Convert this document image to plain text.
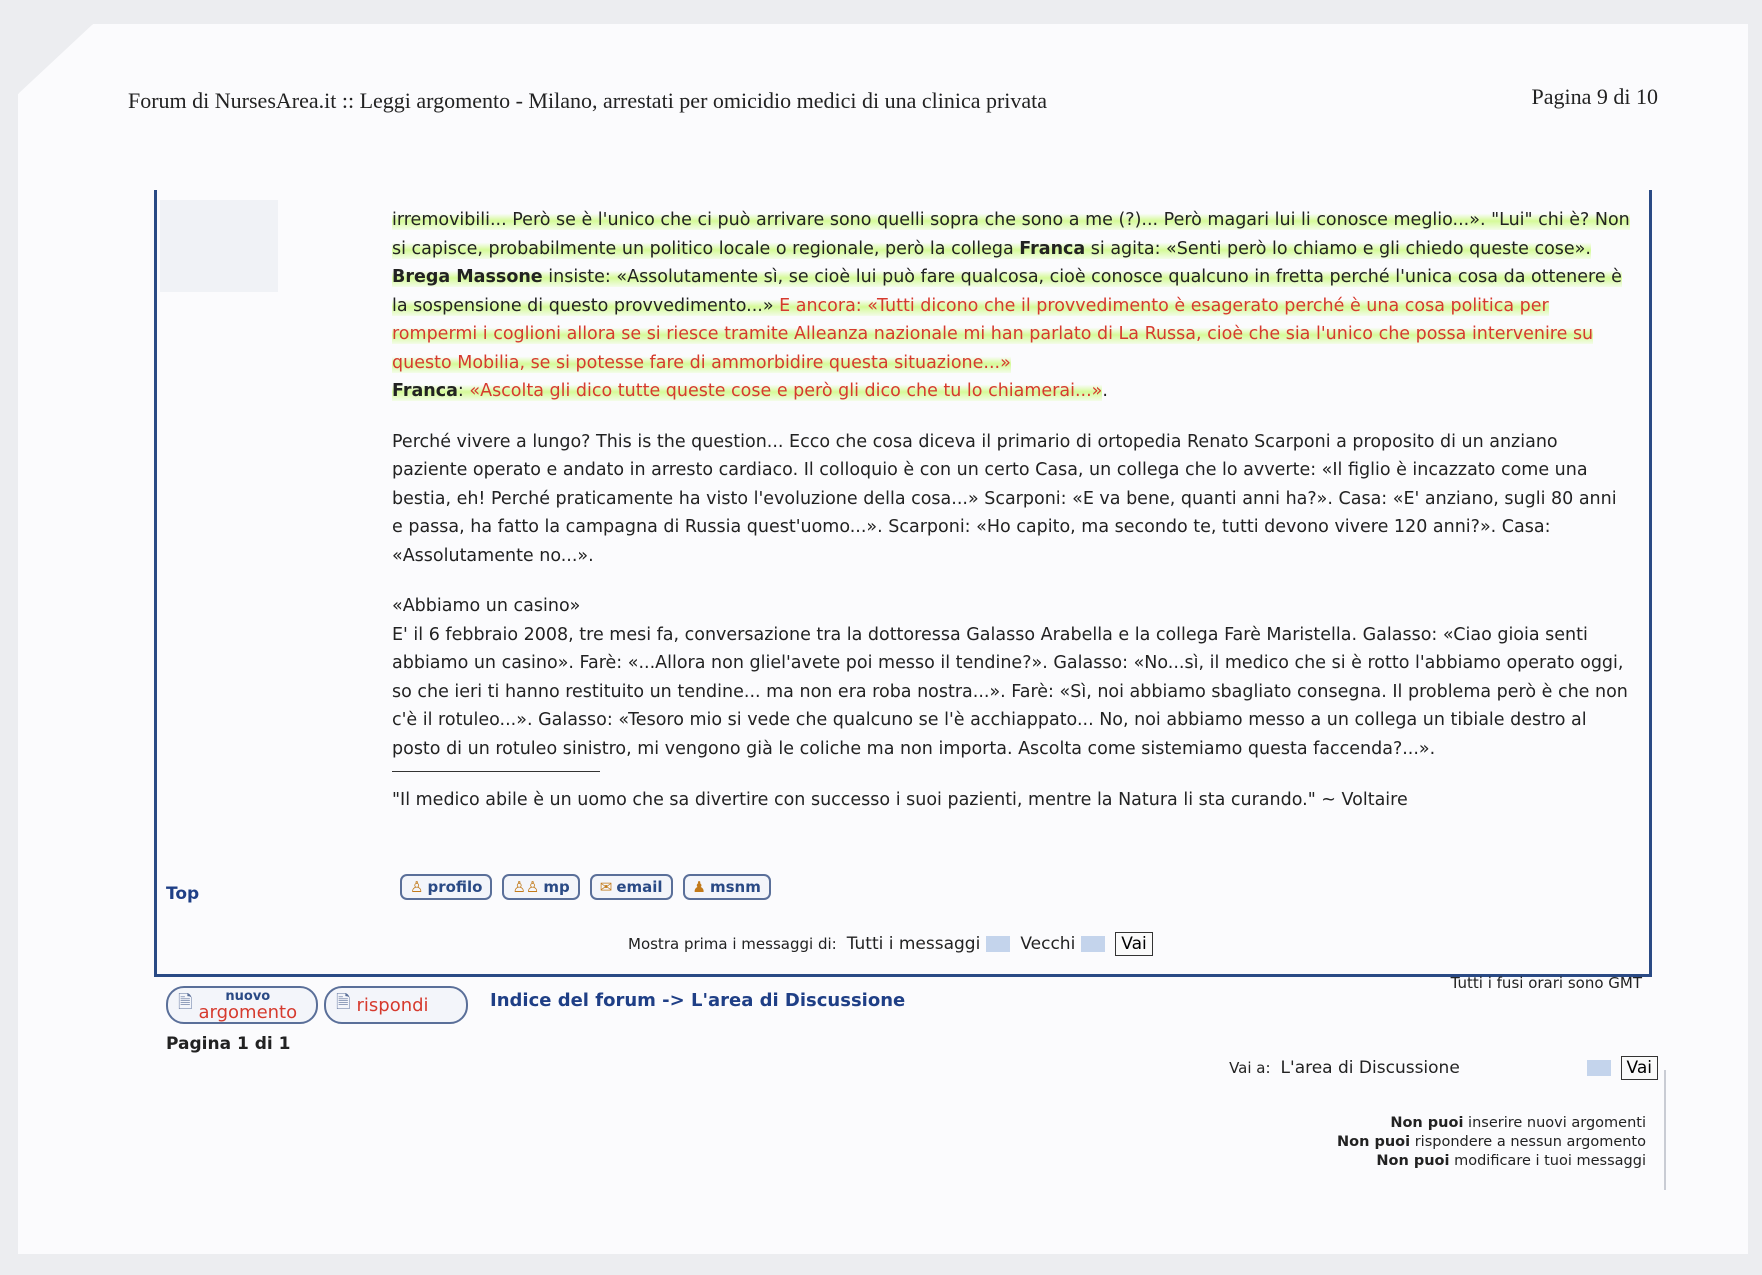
Forum di NursesArea.it :: Leggi argomento - Milano, arrestati per omicidio medici di una clinica privata	Pagina 9 di 10

irremovibili... Però se è l'unico che ci può arrivare sono quelli sopra che sono a me (?)... Però magari lui li conosce meglio...». "Lui" chi è? Non si capisce, probabilmente un politico locale o regionale, però la collega Franca si agita: «Senti però lo chiamo e gli chiedo queste cose». Brega Massone insiste: «Assolutamente sì, se cioè lui può fare qualcosa, cioè conosce qualcuno in fretta perché l'unica cosa da ottenere è la sospensione di questo provvedimento...» E ancora: «Tutti dicono che il provvedimento è esagerato perché è una cosa politica per rompermi i coglioni allora se si riesce tramite Alleanza nazionale mi han parlato di La Russa, cioè che sia l'unico che possa intervenire su questo Mobilia, se si potesse fare di ammorbidire questa situazione...»
Franca: «Ascolta gli dico tutte queste cose e però gli dico che tu lo chiamerai...».

Perché vivere a lungo? This is the question... Ecco che cosa diceva il primario di ortopedia Renato Scarponi a proposito di un anziano paziente operato e andato in arresto cardiaco. Il colloquio è con un certo Casa, un collega che lo avverte: «Il figlio è incazzato come una bestia, eh! Perché praticamente ha visto l'evoluzione della cosa...» Scarponi: «E va bene, quanti anni ha?». Casa: «E' anziano, sugli 80 anni e passa, ha fatto la campagna di Russia quest'uomo...». Scarponi: «Ho capito, ma secondo te, tutti devono vivere 120 anni?». Casa: «Assolutamente no...».

«Abbiamo un casino»
E' il 6 febbraio 2008, tre mesi fa, conversazione tra la dottoressa Galasso Arabella e la collega Farè Maristella. Galasso: «Ciao gioia senti abbiamo un casino». Farè: «...Allora non gliel'avete poi messo il tendine?». Galasso: «No...sì, il medico che si è rotto l'abbiamo operato oggi, so che ieri ti hanno restituito un tendine... ma non era roba nostra...». Farè: «Sì, noi abbiamo sbagliato consegna. Il problema però è che non c'è il rotuleo...». Galasso: «Tesoro mio si vede che qualcuno se l'è acchiappato... No, noi abbiamo messo a un collega un tibiale destro al posto di un rotuleo sinistro, mi vengono già le coliche ma non importa. Ascolta come sistemiamo questa faccenda?...».

"Il medico abile è un uomo che sa divertire con successo i suoi pazienti, mentre la Natura li sta curando." ~ Voltaire
Top	♙ profilo ♙♙ mp ✉ email ♟ msnm
Mostra prima i messaggi di: Tutti i messaggi Vecchi	Vai
Tutti i fusi orari sono GMT
🗎	nuovo
argomento 🗎 rispondi	Indice del forum -> L'area di Discussione
Pagina 1 di 1
Vai a: L'area di Discussione	Vai
Non puoi inserire nuovi argomenti
Non puoi rispondere a nessun argomento
Non puoi modificare i tuoi messaggi
